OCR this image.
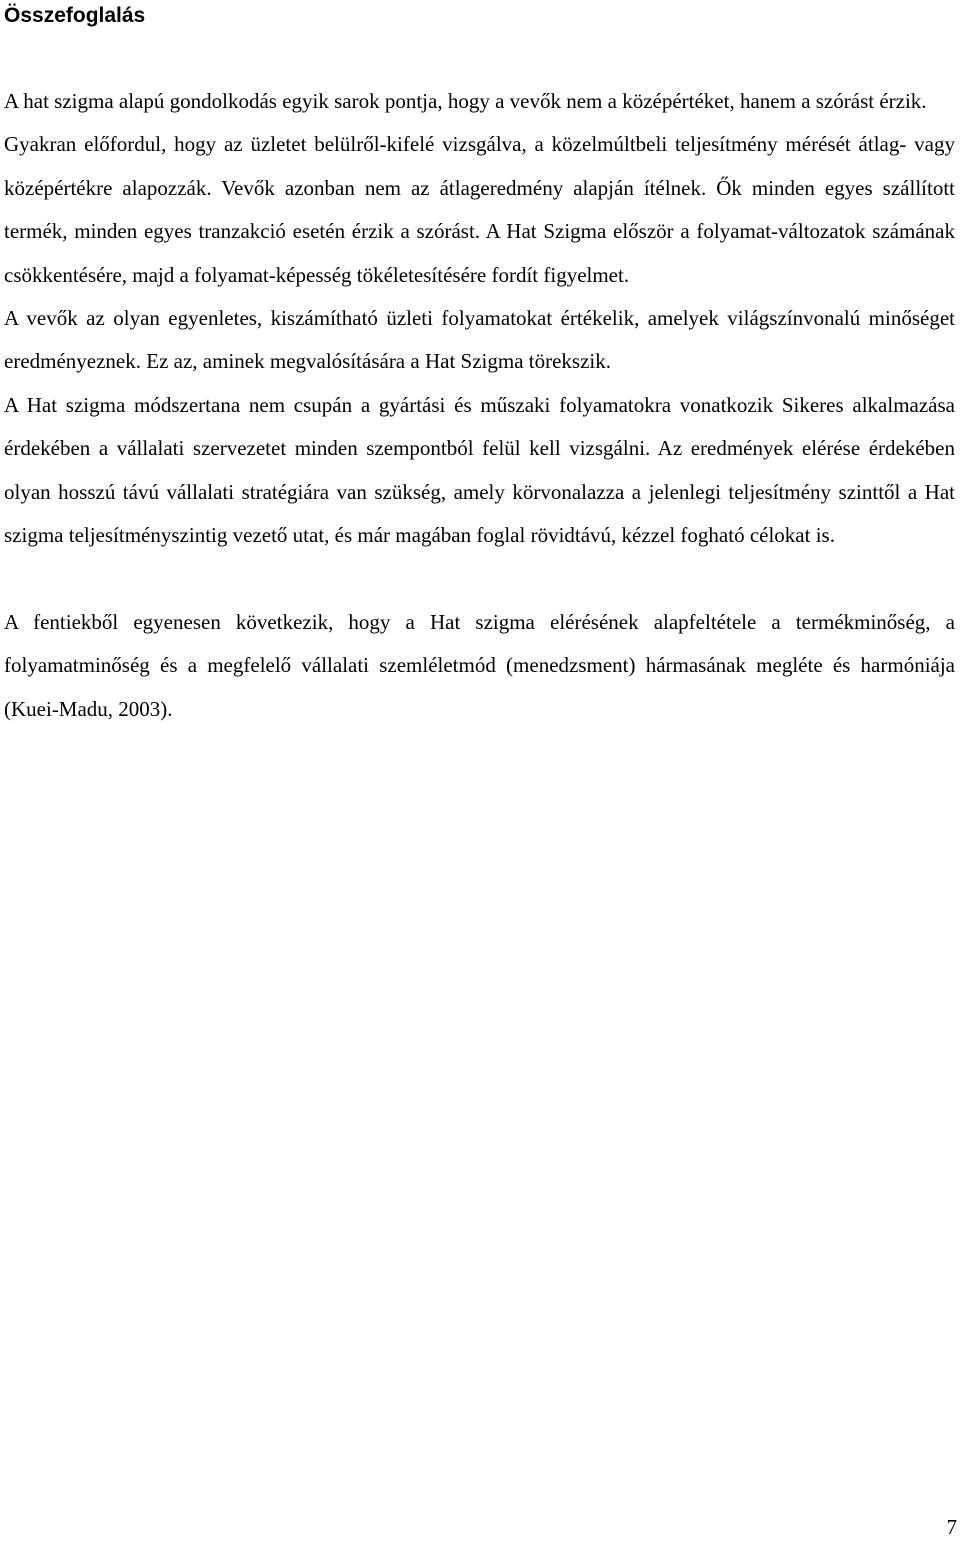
Összefoglalás

A hat szigma alapú gondolkodás egyik sarok pontja, hogy a vevők nem a középértéket, hanem a szórást érzik.

Gyakran előfordul, hogy az üzletet belülről-kifelé vizsgálva, a közelmúltbeli teljesítmény mérését átlag- vagy középértékre alapozzák. Vevők azonban nem az átlageredmény alapján ítélnek. Ők minden egyes szállított termék, minden egyes tranzakció esetén érzik a szórást. A Hat Szigma először a folyamat-változatok számának csökkentésére, majd a folyamat-képesség tökéletesítésére fordít figyelmet.

A vevők az olyan egyenletes, kiszámítható üzleti folyamatokat értékelik, amelyek világszínvonalú minőséget eredményeznek. Ez az, aminek megvalósítására a Hat Szigma törekszik.

A Hat szigma módszertana nem csupán a gyártási és műszaki folyamatokra vonatkozik Sikeres alkalmazása érdekében a vállalati szervezetet minden szempontból felül kell vizsgálni. Az eredmények elérése érdekében olyan hosszú távú vállalati stratégiára van szükség, amely körvonalazza a jelenlegi teljesítmény szinttől a Hat szigma teljesítményszintig vezető utat, és már magában foglal rövidtávú, kézzel fogható célokat is.

A fentiekből egyenesen következik, hogy a Hat szigma elérésének alapfeltétele a termékminőség, a folyamatminőség és a megfelelő vállalati szemléletmód (menedzsment) hármasának megléte és harmóniája (Kuei-Madu, 2003).

7
